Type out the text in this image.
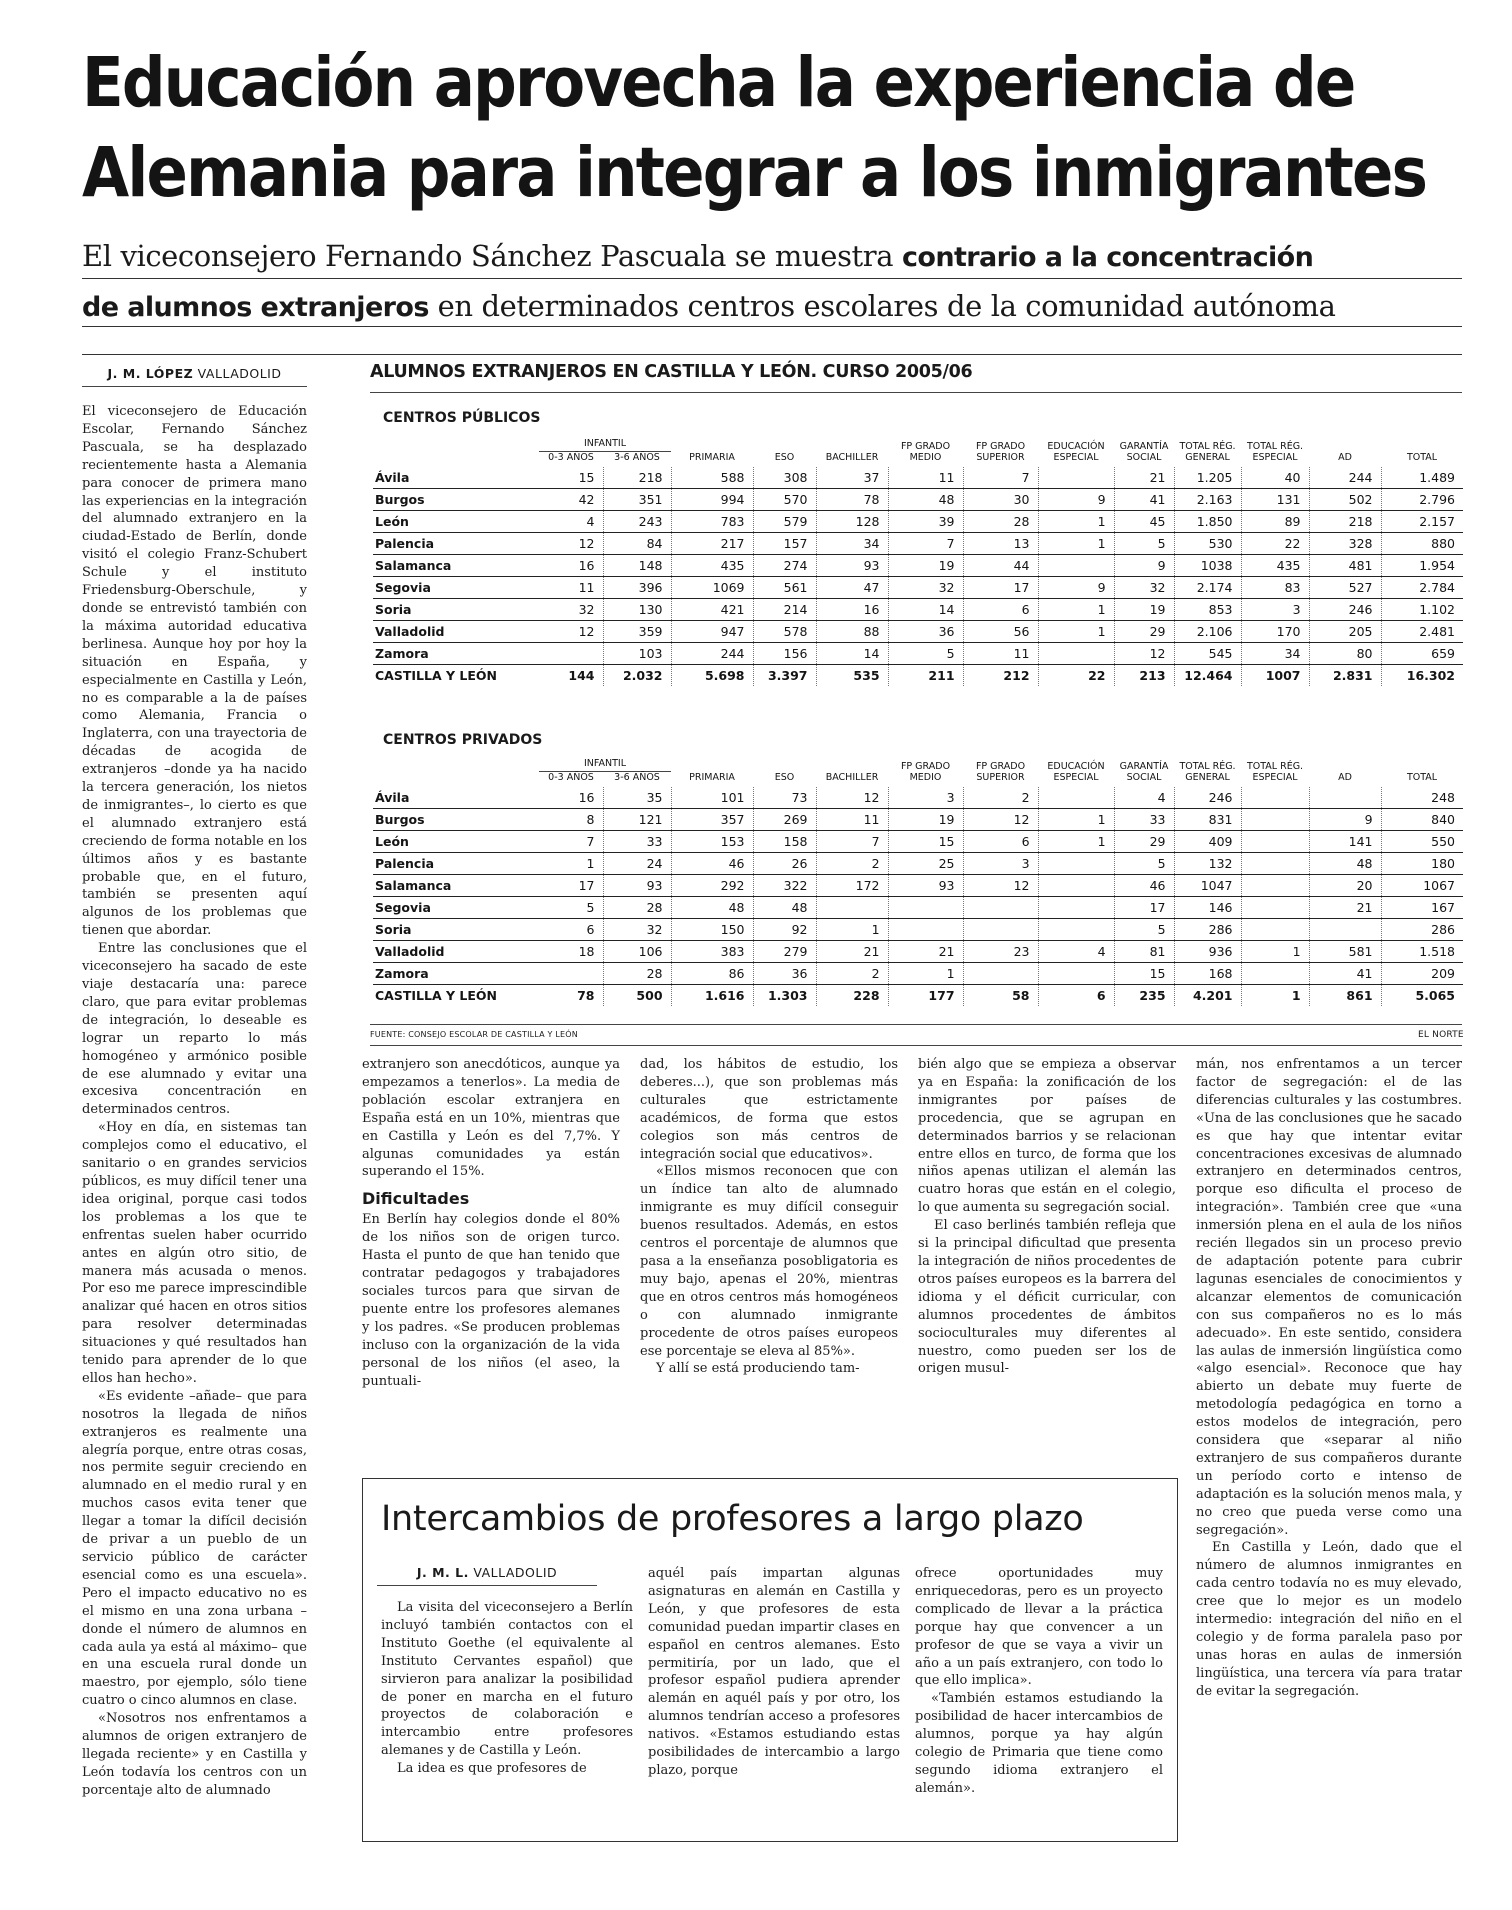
Educación aprovecha la experiencia de
Alemania para integrar a los inmigrantes
El viceconsejero Fernando Sánchez Pascuala se muestra contrario a la concentración
de alumnos extranjeros en determinados centros escolares de la comunidad autónoma
J. M. LÓPEZ VALLADOLID

El viceconsejero de Educación Escolar, Fernando Sánchez Pascuala, se ha desplazado recientemente hasta a Alemania para conocer de primera mano las experiencias en la integración del alumnado extranjero en la ciudad-Estado de Berlín, donde visitó el colegio Franz-Schubert Schule y el instituto Friedensburg-Oberschule, y donde se entrevistó también con la máxima autoridad educativa berlinesa. Aunque hoy por hoy la situación en España, y especialmente en Castilla y León, no es comparable a la de países como Alemania, Francia o Inglaterra, con una trayectoria de décadas de acogida de extranjeros –donde ya ha nacido la tercera generación, los nietos de inmigrantes–, lo cierto es que el alumnado extranjero está creciendo de forma notable en los últimos años y es bastante probable que, en el futuro, también se presenten aquí algunos de los problemas que tienen que abordar.

Entre las conclusiones que el viceconsejero ha sacado de este viaje destacaría una: parece claro, que para evitar problemas de integración, lo deseable es lograr un reparto lo más homogéneo y armónico posible de ese alumnado y evitar una excesiva concentración en determinados centros.

«Hoy en día, en sistemas tan complejos como el educativo, el sanitario o en grandes servicios públicos, es muy difícil tener una idea original, porque casi todos los problemas a los que te enfrentas suelen haber ocurrido antes en algún otro sitio, de manera más acusada o menos. Por eso me parece imprescindible analizar qué hacen en otros sitios para resolver determinadas situaciones y qué resultados han tenido para aprender de lo que ellos han hecho».

«Es evidente –añade– que para nosotros la llegada de niños extranjeros es realmente una alegría porque, entre otras cosas, nos permite seguir creciendo en alumnado en el medio rural y en muchos casos evita tener que llegar a tomar la difícil decisión de privar a un pueblo de un servicio público de carácter esencial como es una escuela». Pero el impacto educativo no es el mismo en una zona urbana –donde el número de alumnos en cada aula ya está al máximo– que en una escuela rural donde un maestro, por ejemplo, sólo tiene cuatro o cinco alumnos en clase.

«Nosotros nos enfrentamos a alumnos de origen extranjero de llegada reciente» y en Castilla y León todavía los centros con un porcentaje alto de alumnado

ALUMNOS EXTRANJEROS EN CASTILLA Y LEÓN. CURSO 2005/06
CENTROS PÚBLICOS
	INFANTIL		PRIMARIA	ESO	BACHILLER	FP GRADO MEDIO	FP GRADO SUPERIOR	EDUCACIÓN ESPECIAL	GARANTÍA SOCIAL	TOTAL RÉG. GENERAL	TOTAL RÉG. ESPECIAL	AD	TOTAL
	0-3 AÑOS	3-6 AÑOS											
Ávila	15	218	588	308	37	11	7		21	1.205	40	244	1.489
Burgos	42	351	994	570	78	48	30	9	41	2.163	131	502	2.796
León	4	243	783	579	128	39	28	1	45	1.850	89	218	2.157
Palencia	12	84	217	157	34	7	13	1	5	530	22	328	880
Salamanca	16	148	435	274	93	19	44		9	1038	435	481	1.954
Segovia	11	396	1069	561	47	32	17	9	32	2.174	83	527	2.784
Soria	32	130	421	214	16	14	6	1	19	853	3	246	1.102
Valladolid	12	359	947	578	88	36	56	1	29	2.106	170	205	2.481
Zamora		103	244	156	14	5	11		12	545	34	80	659
CASTILLA Y LEÓN	144	2.032	5.698	3.397	535	211	212	22	213	12.464	1007	2.831	16.302
CENTROS PRIVADOS
	INFANTIL		PRIMARIA	ESO	BACHILLER	FP GRADO MEDIO	FP GRADO SUPERIOR	EDUCACIÓN ESPECIAL	GARANTÍA SOCIAL	TOTAL RÉG. GENERAL	TOTAL RÉG. ESPECIAL	AD	TOTAL
	0-3 AÑOS	3-6 AÑOS											
Ávila	16	35	101	73	12	3	2		4	246			248
Burgos	8	121	357	269	11	19	12	1	33	831		9	840
León	7	33	153	158	7	15	6	1	29	409		141	550
Palencia	1	24	46	26	2	25	3		5	132		48	180
Salamanca	17	93	292	322	172	93	12		46	1047		20	1067
Segovia	5	28	48	48					17	146		21	167
Soria	6	32	150	92	1				5	286			286
Valladolid	18	106	383	279	21	21	23	4	81	936	1	581	1.518
Zamora		28	86	36	2	1			15	168		41	209
CASTILLA Y LEÓN	78	500	1.616	1.303	228	177	58	6	235	4.201	1	861	5.065
FUENTE: CONSEJO ESCOLAR DE CASTILLA Y LEÓN	EL NORTE

extranjero son anecdóticos, aunque ya empezamos a tenerlos». La media de población escolar extranjera en España está en un 10%, mientras que en Castilla y León es del 7,7%. Y algunas comunidades ya están superando el 15%.

Dificultades

En Berlín hay colegios donde el 80% de los niños son de origen turco. Hasta el punto de que han tenido que contratar pedagogos y trabajadores sociales turcos para que sirvan de puente entre los profesores alemanes y los padres. «Se producen problemas incluso con la organización de la vida personal de los niños (el aseo, la puntuali-

dad, los hábitos de estudio, los deberes...), que son problemas más culturales que estrictamente académicos, de forma que estos colegios son más centros de integración social que educativos».

«Ellos mismos reconocen que con un índice tan alto de alumnado inmigrante es muy difícil conseguir buenos resultados. Además, en estos centros el porcentaje de alumnos que pasa a la enseñanza posobligatoria es muy bajo, apenas el 20%, mientras que en otros centros más homogéneos o con alumnado inmigrante procedente de otros países europeos ese porcentaje se eleva al 85%».

Y allí se está produciendo tam-

bién algo que se empieza a observar ya en España: la zonificación de los inmigrantes por países de procedencia, que se agrupan en determinados barrios y se relacionan entre ellos en turco, de forma que los niños apenas utilizan el alemán las cuatro horas que están en el colegio, lo que aumenta su segregación social.

El caso berlinés también refleja que si la principal dificultad que presenta la integración de niños procedentes de otros países europeos es la barrera del idioma y el déficit curricular, con alumnos procedentes de ámbitos socioculturales muy diferentes al nuestro, como pueden ser los de origen musul-

mán, nos enfrentamos a un tercer factor de segregación: el de las diferencias culturales y las costumbres. «Una de las conclusiones que he sacado es que hay que intentar evitar concentraciones excesivas de alumnado extranjero en determinados centros, porque eso dificulta el proceso de integración». También cree que «una inmersión plena en el aula de los niños recién llegados sin un proceso previo de adaptación potente para cubrir lagunas esenciales de conocimientos y alcanzar elementos de comunicación con sus compañeros no es lo más adecuado». En este sentido, considera las aulas de inmersión lingüística como «algo esencial». Reconoce que hay abierto un debate muy fuerte de metodología pedagógica en torno a estos modelos de integración, pero considera que «separar al niño extranjero de sus compañeros durante un período corto e intenso de adaptación es la solución menos mala, y no creo que pueda verse como una segregación».

En Castilla y León, dado que el número de alumnos inmigrantes en cada centro todavía no es muy elevado, cree que lo mejor es un modelo intermedio: integración del niño en el colegio y de forma paralela paso por unas horas en aulas de inmersión lingüística, una tercera vía para tratar de evitar la segregación.

Intercambios de profesores a largo plazo
J. M. L. VALLADOLID

La visita del viceconsejero a Berlín incluyó también contactos con el Instituto Goethe (el equivalente al Instituto Cervantes español) que sirvieron para analizar la posibilidad de poner en marcha en el futuro proyectos de colaboración e intercambio entre profesores alemanes y de Castilla y León.

La idea es que profesores de

aquél país impartan algunas asignaturas en alemán en Castilla y León, y que profesores de esta comunidad puedan impartir clases en español en centros alemanes. Esto permitiría, por un lado, que el profesor español pudiera aprender alemán en aquél país y por otro, los alumnos tendrían acceso a profesores nativos. «Estamos estudiando estas posibilidades de intercambio a largo plazo, porque

ofrece oportunidades muy enriquecedoras, pero es un proyecto complicado de llevar a la práctica porque hay que convencer a un profesor de que se vaya a vivir un año a un país extranjero, con todo lo que ello implica».

«También estamos estudiando la posibilidad de hacer intercambios de alumnos, porque ya hay algún colegio de Primaria que tiene como segundo idioma extranjero el alemán».
